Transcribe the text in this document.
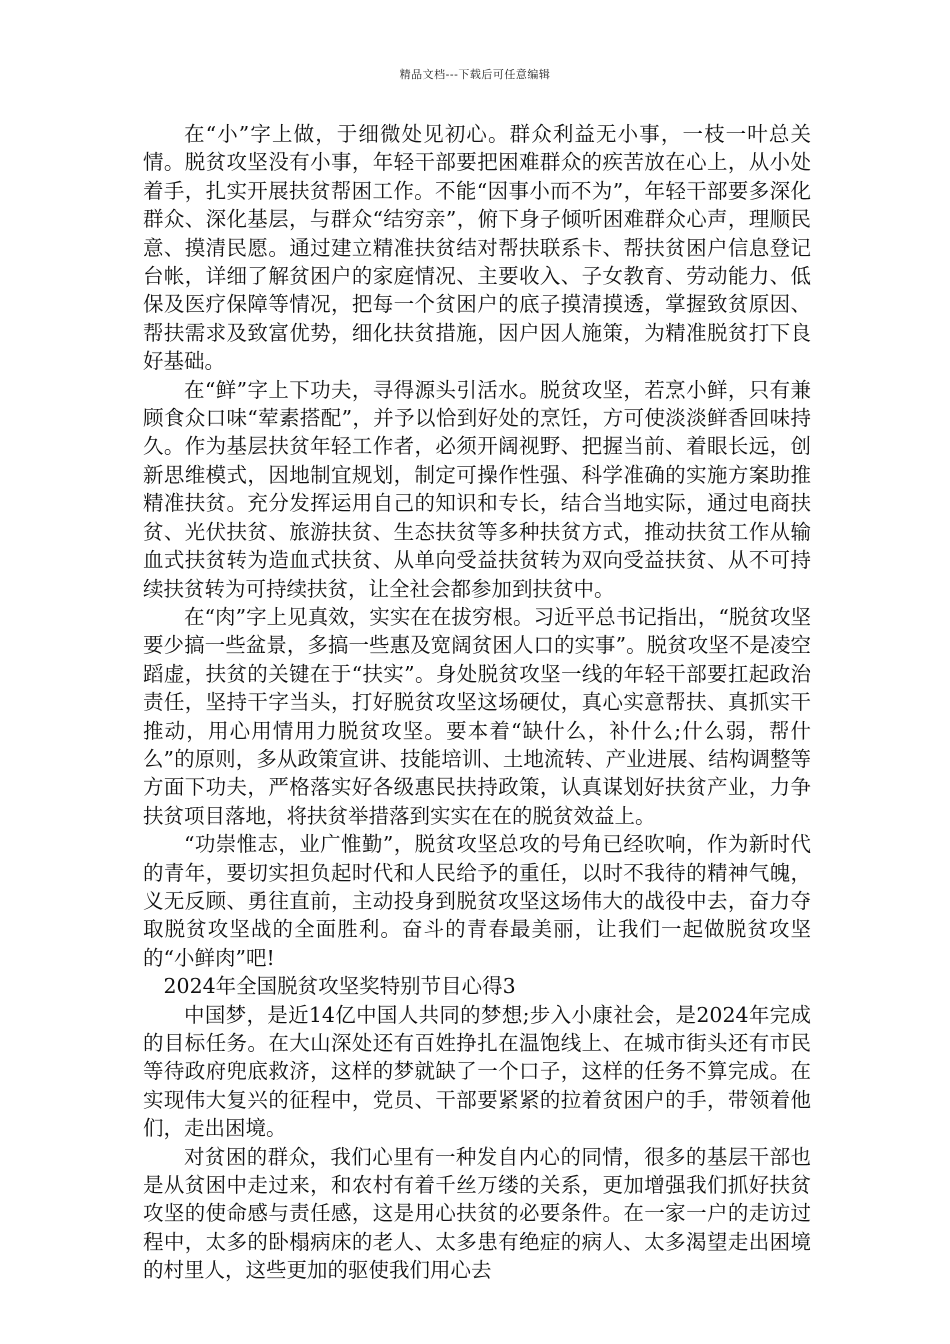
精品文档---下载后可任意编辑

在“小”字上做，于细微处见初心。群众利益无小事，一枝一叶总关情。脱贫攻坚没有小事，年轻干部要把困难群众的疾苦放在心上，从小处着手，扎实开展扶贫帮困工作。不能“因事小而不为”，年轻干部要多深化群众、深化基层，与群众“结穷亲”，俯下身子倾听困难群众心声，理顺民意、摸清民愿。通过建立精准扶贫结对帮扶联系卡、帮扶贫困户信息登记台帐，详细了解贫困户的家庭情况、主要收入、子女教育、劳动能力、低保及医疗保障等情况，把每一个贫困户的底子摸清摸透，掌握致贫原因、帮扶需求及致富优势，细化扶贫措施，因户因人施策，为精准脱贫打下良好基础。

在“鲜”字上下功夫，寻得源头引活水。脱贫攻坚，若烹小鲜，只有兼顾食众口味“荤素搭配”，并予以恰到好处的烹饪，方可使淡淡鲜香回味持久。作为基层扶贫年轻工作者，必须开阔视野、把握当前、着眼长远，创新思维模式，因地制宜规划，制定可操作性强、科学准确的实施方案助推精准扶贫。充分发挥运用自己的知识和专长，结合当地实际，通过电商扶贫、光伏扶贫、旅游扶贫、生态扶贫等多种扶贫方式，推动扶贫工作从输血式扶贫转为造血式扶贫、从单向受益扶贫转为双向受益扶贫、从不可持续扶贫转为可持续扶贫，让全社会都参加到扶贫中。

在“肉”字上见真效，实实在在拔穷根。习近平总书记指出，“脱贫攻坚要少搞一些盆景，多搞一些惠及宽阔贫困人口的实事”。脱贫攻坚不是凌空蹈虚，扶贫的关键在于“扶实”。身处脱贫攻坚一线的年轻干部要扛起政治责任，坚持干字当头，打好脱贫攻坚这场硬仗，真心实意帮扶、真抓实干推动，用心用情用力脱贫攻坚。要本着“缺什么，补什么;什么弱，帮什么”的原则，多从政策宣讲、技能培训、土地流转、产业进展、结构调整等方面下功夫，严格落实好各级惠民扶持政策，认真谋划好扶贫产业，力争扶贫项目落地，将扶贫举措落到实实在在的脱贫效益上。

“功崇惟志，业广惟勤”，脱贫攻坚总攻的号角已经吹响，作为新时代的青年，要切实担负起时代和人民给予的重任，以时不我待的精神气魄，义无反顾、勇往直前，主动投身到脱贫攻坚这场伟大的战役中去，奋力夺取脱贫攻坚战的全面胜利。奋斗的青春最美丽，让我们一起做脱贫攻坚的“小鲜肉”吧!

2024年全国脱贫攻坚奖特别节目心得3

中国梦，是近14亿中国人共同的梦想;步入小康社会，是2024年完成的目标任务。在大山深处还有百姓挣扎在温饱线上、在城市街头还有市民等待政府兜底救济，这样的梦就缺了一个口子，这样的任务不算完成。在实现伟大复兴的征程中，党员、干部要紧紧的拉着贫困户的手，带领着他们，走出困境。

对贫困的群众，我们心里有一种发自内心的同情，很多的基层干部也是从贫困中走过来，和农村有着千丝万缕的关系，更加增强我们抓好扶贫攻坚的使命感与责任感，这是用心扶贫的必要条件。在一家一户的走访过程中，太多的卧榻病床的老人、太多患有绝症的病人、太多渴望走出困境的村里人，这些更加的驱使我们用心去
